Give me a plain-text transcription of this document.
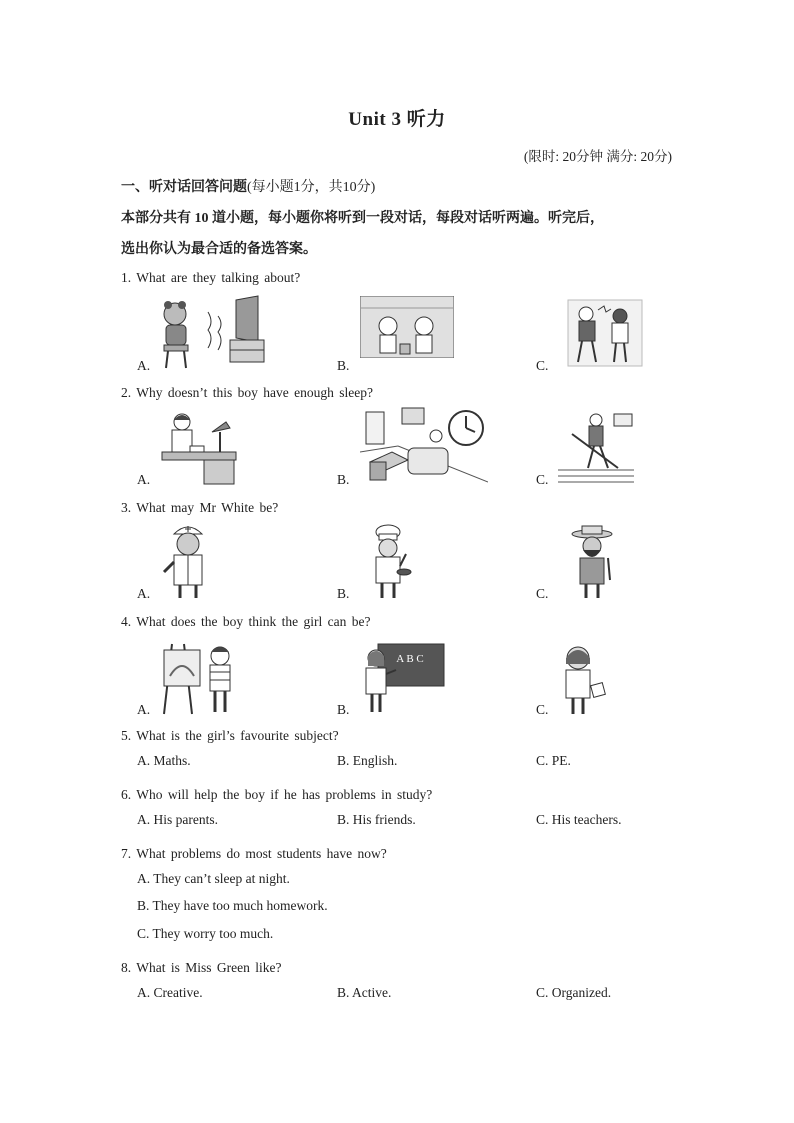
Unit 3 听力
(限时: 20分钟 满分: 20分)
一、听对话回答问题(每小题1分，共10分)
本部分共有 10 道小题，每小题你将听到一段对话，每段对话听两遍。听完后，
选出你认为最合适的备选答案。
1. What are they talking about?
A.	B.	C.
2. Why doesn’t this boy have enough sleep?
A.	B.	C.
3. What may Mr White be?
A.	B.	C.
4. What does the boy think the girl can be?
A B C
A.	B.	C.
5. What is the girl’s favourite subject?
A. Maths.	B. English.	C. PE.
6. Who will help the boy if he has problems in study?
A. His parents.	B. His friends.	C. His teachers.
7. What problems do most students have now?
A. They can’t sleep at night.
B. They have too much homework.
C. They worry too much.
8. What is Miss Green like?
A. Creative.	B. Active.	C. Organized.
